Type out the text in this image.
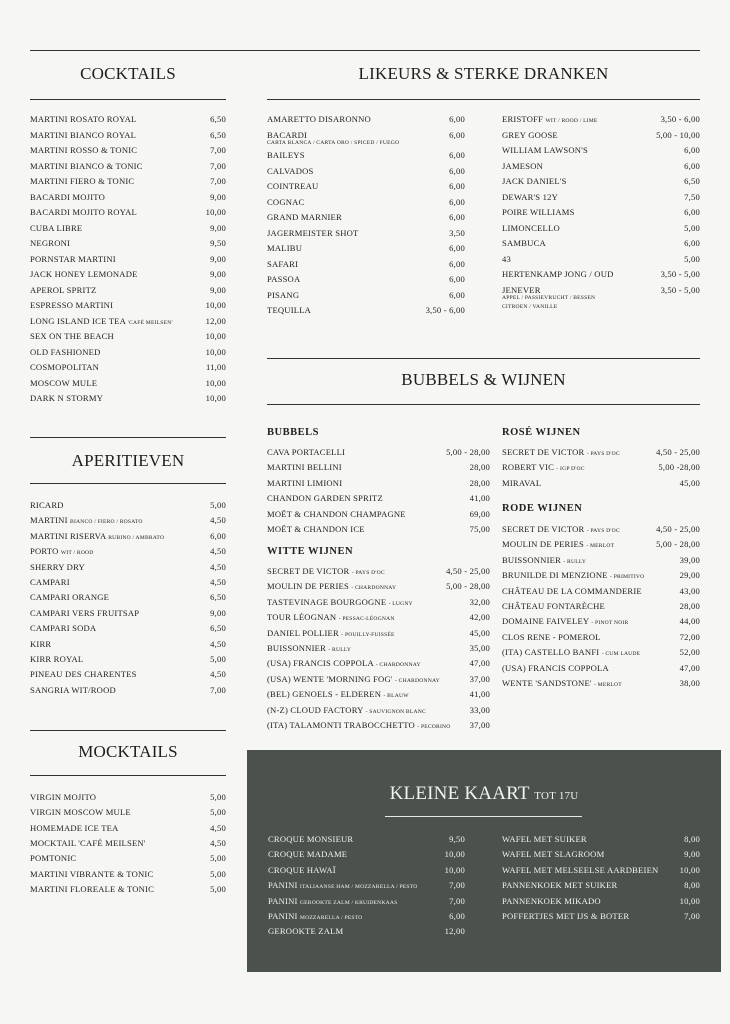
COCKTAILS
MARTINI ROSATO ROYAL	6,50
MARTINI BIANCO ROYAL	6,50
MARTINI ROSSO & TONIC	7,00
MARTINI BIANCO & TONIC	7,00
MARTINI FIERO & TONIC	7,00
BACARDI MOJITO	9,00
BACARDI MOJITO ROYAL	10,00
CUBA LIBRE	9,00
NEGRONI	9,50
PORNSTAR MARTINI	9,00
JACK HONEY LEMONADE	9,00
APEROL SPRITZ	9,00
ESPRESSO MARTINI	10,00
LONG ISLAND ICE TEA 'CAFÉ MEILSEN'	12,00
SEX ON THE BEACH	10,00
OLD FASHIONED	10,00
COSMOPOLITAN	11,00
MOSCOW MULE	10,00
DARK N STORMY	10,00
APERITIEVEN
RICARD	5,00
MARTINI BIANCO / FIERO / ROSATO	4,50
MARTINI RISERVA RUBINO / AMBRATO	6,00
PORTO WIT / ROOD	4,50
SHERRY DRY	4,50
CAMPARI	4,50
CAMPARI ORANGE	6,50
CAMPARI VERS FRUITSAP	9,00
CAMPARI SODA	6,50
KIRR	4,50
KIRR ROYAL	5,00
PINEAU DES CHARENTES	4,50
SANGRIA WIT/ROOD	7,00
MOCKTAILS
VIRGIN MOJITO	5,00
VIRGIN MOSCOW MULE	5,00
HOMEMADE ICE TEA	4,50
MOCKTAIL 'CAFÉ MEILSEN'	4,50
POMTONIC	5,00
MARTINI VIBRANTE & TONIC	5,00
MARTINI FLOREALE & TONIC	5,00
LIKEURS & STERKE DRANKEN
AMARETTO DISARONNO	6,00
BACARDI	6,00
CARTA BLANCA / CARTA ORO / SPICED / FUEGO
BAILEYS	6,00
CALVADOS	6,00
COINTREAU	6,00
COGNAC	6,00
GRAND MARNIER	6,00
JAGERMEISTER SHOT	3,50
MALIBU	6,00
SAFARI	6,00
PASSOA	6,00
PISANG	6,00
TEQUILLA	3,50 - 6,00
ERISTOFF WIT / ROOD / LIME	3,50 - 6,00
GREY GOOSE	5,00 - 10,00
WILLIAM LAWSON'S	6,00
JAMESON	6,00
JACK DANIEL'S	6,50
DEWAR'S 12Y	7,50
POIRE WILLIAMS	6,00
LIMONCELLO	5,00
SAMBUCA	6,00
43	5,00
HERTENKAMP JONG / OUD	3,50 - 5,00
JENEVER	3,50 - 5,00
APPEL / PASSIEVRUCHT / BESSEN
CITROEN / VANILLE
BUBBELS & WIJNEN
BUBBELS
CAVA PORTACELLI	5,00 - 28,00
MARTINI BELLINI	28,00
MARTINI LIMIONI	28,00
CHANDON GARDEN SPRITZ	41,00
MOËT & CHANDON CHAMPAGNE	69,00
MOËT & CHANDON ICE	75,00
WITTE WIJNEN
SECRET DE VICTOR - PAYS D'OC	4,50 - 25,00
MOULIN DE PERIES - CHARDONNAY	5,00 - 28,00
TASTEVINAGE BOURGOGNE - LUGNY	32,00
TOUR LÉOGNAN - PESSAC-LÉOGNAN	42,00
DANIEL POLLIER - POUILLY-FUISSÉE	45,00
BUISSONNIER - RULLY	35,00
(USA) FRANCIS COPPOLA - CHARDONNAY	47,00
(USA) WENTE 'MORNING FOG' - CHARDONNAY	37,00
(BEL) GENOELS - ELDEREN - BLAUW	41,00
(N-Z) CLOUD FACTORY - SAUVIGNON BLANC	33,00
(ITA) TALAMONTI TRABOCCHETTO - PECORINO 37,00
ROSÉ WIJNEN
SECRET DE VICTOR - PAYS D'OC	4,50 - 25,00
ROBERT VIC - IGP D'OC	5,00 -28,00
MIRAVAL	45,00
RODE WIJNEN
SECRET DE VICTOR - PAYS D'OC	4,50 - 25,00
MOULIN DE PERIES - MERLOT	5,00 - 28,00
BUISSONNIER - RULLY	39,00
BRUNILDE DI MENZIONE - PRIMITIVO	29,00
CHÂTEAU DE LA COMMANDERIE	43,00
CHÂTEAU FONTARÈCHE	28,00
DOMAINE FAIVELEY - PINOT NOIR	44,00
CLOS RENE - POMEROL	72,00
(ITA) CASTELLO BANFI - CUM LAUDE	52,00
(USA) FRANCIS COPPOLA	47,00
WENTE 'SANDSTONE' - MERLOT	38,00
KLEINE KAART TOT 17U
CROQUE MONSIEUR	9,50
CROQUE MADAME	10,00
CROQUE HAWAÏ	10,00
PANINI ITALIAANSE HAM / MOZZARELLA / PESTO	7,00
PANINI GEROOKTE ZALM / KRUIDENKAAS	7,00
PANINI MOZZARELLA / PESTO	6,00
GEROOKTE ZALM	12,00
WAFEL MET SUIKER	8,00
WAFEL MET SLAGROOM	9,00
WAFEL MET MELSEELSE AARDBEIEN 10,00
PANNENKOEK MET SUIKER	8,00
PANNENKOEK MIKADO	10,00
POFFERTJES MET IJS & BOTER	7,00
